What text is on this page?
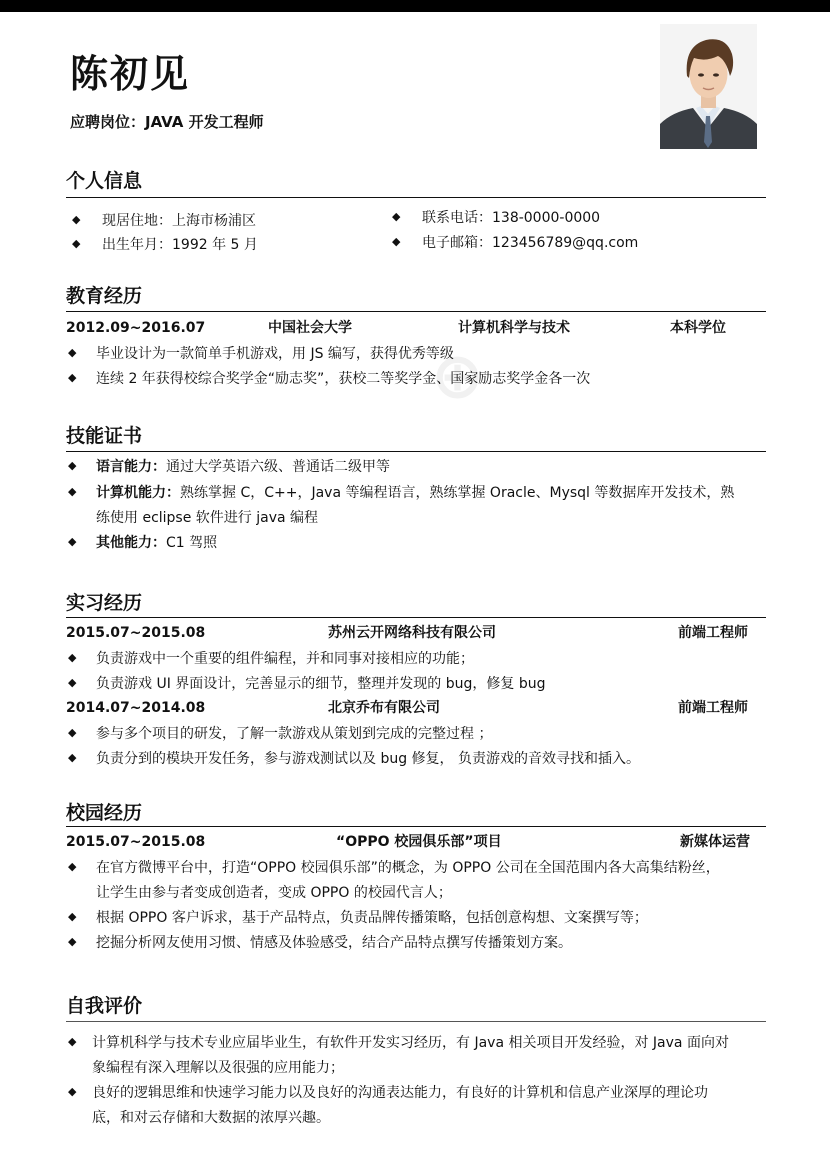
⊗
陈初见
应聘岗位：JAVA 开发工程师
个人信息
◆ 现居住地：上海市杨浦区
◆ 出生年月：1992 年 5 月
◆ 联系电话：138-0000-0000
◆ 电子邮箱：123456789@qq.com
教育经历
2012.09~2016.07	中国社会大学	计算机科学与技术	本科学位
◆ 毕业设计为一款简单手机游戏，用 JS 编写，获得优秀等级
◆ 连续 2 年获得校综合奖学金“励志奖”，获校二等奖学金、国家励志奖学金各一次
技能证书
◆ 语言能力：通过大学英语六级、普通话二级甲等
◆ 计算机能力：熟练掌握 C，C++，Java 等编程语言，熟练掌握 Oracle、Mysql 等数据库开发技术，熟
练使用 eclipse 软件进行 java 编程
◆ 其他能力：C1 驾照
实习经历
2015.07~2015.08	苏州云开网络科技有限公司	前端工程师
◆ 负责游戏中一个重要的组件编程，并和同事对接相应的功能；
◆ 负责游戏 UI 界面设计，完善显示的细节，整理并发现的 bug，修复 bug
2014.07~2014.08	北京乔布有限公司	前端工程师
◆ 参与多个项目的研发，了解一款游戏从策划到完成的完整过程 ；
◆ 负责分到的模块开发任务，参与游戏测试以及 bug 修复， 负责游戏的音效寻找和插入。
校园经历
2015.07~2015.08	“OPPO 校园俱乐部”项目	新媒体运营
◆ 在官方微博平台中，打造“OPPO 校园俱乐部”的概念，为 OPPO 公司在全国范围内各大高集结粉丝，
让学生由参与者变成创造者，变成 OPPO 的校园代言人；
◆ 根据 OPPO 客户诉求，基于产品特点，负责品牌传播策略，包括创意构想、文案撰写等；
◆ 挖掘分析网友使用习惯、情感及体验感受，结合产品特点撰写传播策划方案。
自我评价
◆ 计算机科学与技术专业应届毕业生，有软件开发实习经历，有 Java 相关项目开发经验，对 Java 面向对
象编程有深入理解以及很强的应用能力；
◆ 良好的逻辑思维和快速学习能力以及良好的沟通表达能力，有良好的计算机和信息产业深厚的理论功
底，和对云存储和大数据的浓厚兴趣。
